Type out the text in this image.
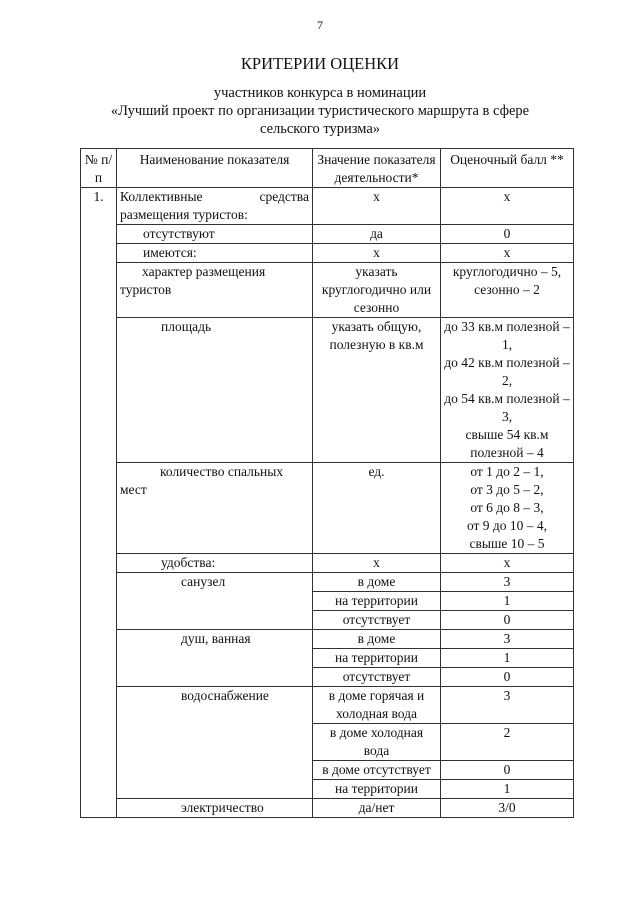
7
КРИТЕРИИ ОЦЕНКИ
участников конкурса в номинации
«Лучший проект по организации туристического маршрута в сфере
сельского туризма»
№ п/п	Наименование показателя	Значение показателя деятельности*	Оценочный балл **
1.	Коллективные средства размещения туристов:	х	х
	отсутствуют	да	0
	имеются:	х	х
	характер размещения туристов	указать круглогодично или сезонно	круглогодично – 5,
сезонно – 2

	площадь	указать общую, полезную в кв.м	до 33 кв.м полезной – 1,
до 42 кв.м полезной – 2,
до 54 кв.м полезной – 3,
свыше 54 кв.м полезной – 4

	количество спальных мест	ед.	от 1 до 2 – 1,
от 3 до 5 – 2,
от 6 до 8 – 3,
от 9 до 10 – 4,
свыше 10 – 5

	удобства:	х	х
	санузел	в доме	3
		на территории	1
		отсутствует	0
	душ, ванная	в доме	3
		на территории	1
		отсутствует	0
	водоснабжение	в доме горячая и холодная вода	3
		в доме холодная вода	2
		в доме отсутствует	0
		на территории	1
	электричество	да/нет	3/0
